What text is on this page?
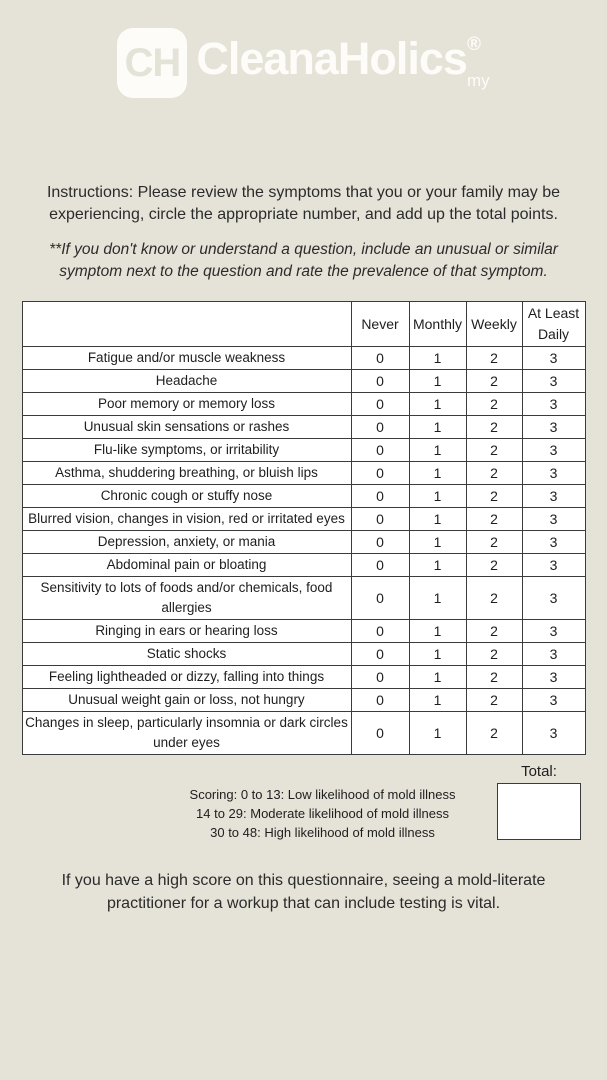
CH CleanaHolics®$_{my}$
Instructions: Please review the symptoms that you or your family may be experiencing, circle the appropriate number, and add up the total points.
**If you don't know or understand a question, include an unusual or similar symptom next to the question and rate the prevalence of that symptom.
	Never	Monthly	Weekly	At Least Daily
Fatigue and/or muscle weakness	0	1	2	3
Headache	0	1	2	3
Poor memory or memory loss	0	1	2	3
Unusual skin sensations or rashes	0	1	2	3
Flu-like symptoms, or irritability	0	1	2	3
Asthma, shuddering breathing, or bluish lips	0	1	2	3
Chronic cough or stuffy nose	0	1	2	3
Blurred vision, changes in vision, red or irritated eyes	0	1	2	3
Depression, anxiety, or mania	0	1	2	3
Abdominal pain or bloating	0	1	2	3
Sensitivity to lots of foods and/or chemicals, food allergies	0	1	2	3
Ringing in ears or hearing loss	0	1	2	3
Static shocks	0	1	2	3
Feeling lightheaded or dizzy, falling into things	0	1	2	3
Unusual weight gain or loss, not hungry	0	1	2	3
Changes in sleep, particularly insomnia or dark circles under eyes	0	1	2	3
Total:
Scoring: 0 to 13: Low likelihood of mold illness
14 to 29: Moderate likelihood of mold illness
30 to 48: High likelihood of mold illness
If you have a high score on this questionnaire, seeing a mold-literate practitioner for a workup that can include testing is vital.
